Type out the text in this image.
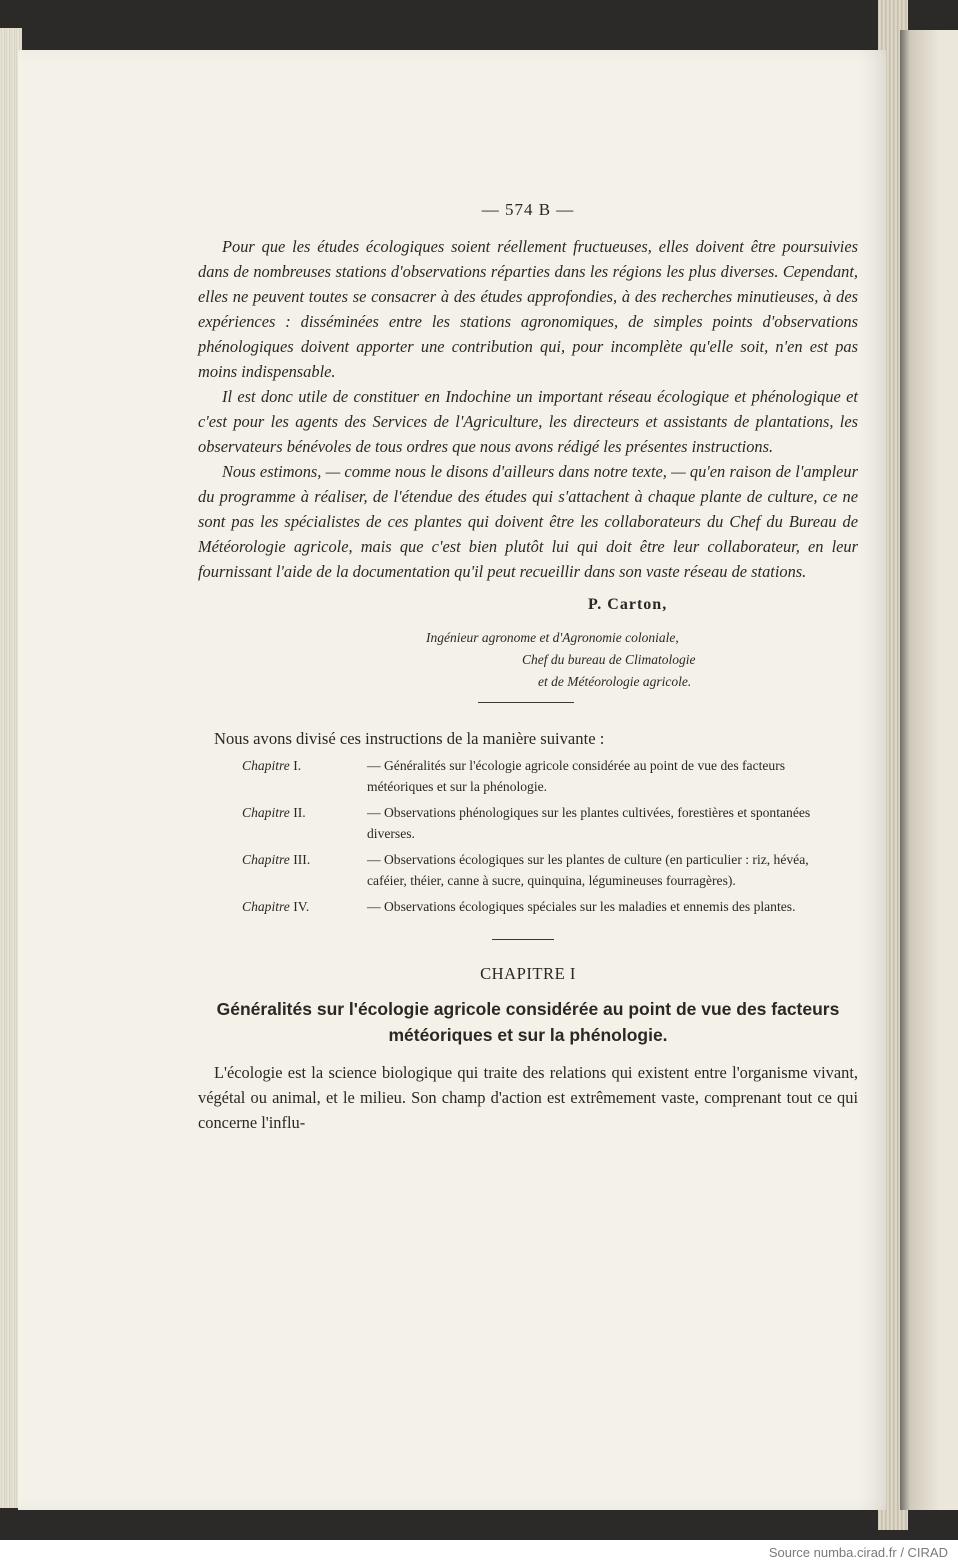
— 574 B —

Pour que les études écologiques soient réellement fructueuses, elles doivent être poursuivies dans de nombreuses stations d'observations réparties dans les régions les plus diverses. Cependant, elles ne peuvent toutes se consacrer à des études approfondies, à des recherches minutieuses, à des expériences : disséminées entre les stations agronomiques, de simples points d'observations phénologiques doivent apporter une contribution qui, pour incomplète qu'elle soit, n'en est pas moins indispensable.

Il est donc utile de constituer en Indochine un important réseau écologique et phénologique et c'est pour les agents des Services de l'Agriculture, les directeurs et assistants de plantations, les observateurs bénévoles de tous ordres que nous avons rédigé les présentes instructions.

Nous estimons, — comme nous le disons d'ailleurs dans notre texte, — qu'en raison de l'ampleur du programme à réaliser, de l'étendue des études qui s'attachent à chaque plante de culture, ce ne sont pas les spécialistes de ces plantes qui doivent être les collaborateurs du Chef du Bureau de Météorologie agricole, mais que c'est bien plutôt lui qui doit être leur collaborateur, en leur fournissant l'aide de la documentation qu'il peut recueillir dans son vaste réseau de stations.

P. Carton,
Ingénieur agronome et d'Agronomie coloniale,
Chef du bureau de Climatologie
et de Météorologie agricole.
Nous avons divisé ces instructions de la manière suivante :
Chapitre I.	— Généralités sur l'écologie agricole considérée au point de vue des facteurs météoriques et sur la phénologie.
Chapitre II.	— Observations phénologiques sur les plantes cultivées, forestières et spontanées diverses.
Chapitre III.	— Observations écologiques sur les plantes de culture (en particulier : riz, hévéa, caféier, théier, canne à sucre, quinquina, légumineuses fourragères).
Chapitre IV.	— Observations écologiques spéciales sur les maladies et ennemis des plantes.
CHAPITRE I
Généralités sur l'écologie agricole considérée au point de vue des facteurs météoriques et sur la phénologie.

L'écologie est la science biologique qui traite des relations qui existent entre l'organisme vivant, végétal ou animal, et le milieu. Son champ d'action est extrêmement vaste, comprenant tout ce qui concerne l'influ-

Source numba.cirad.fr / CIRAD
